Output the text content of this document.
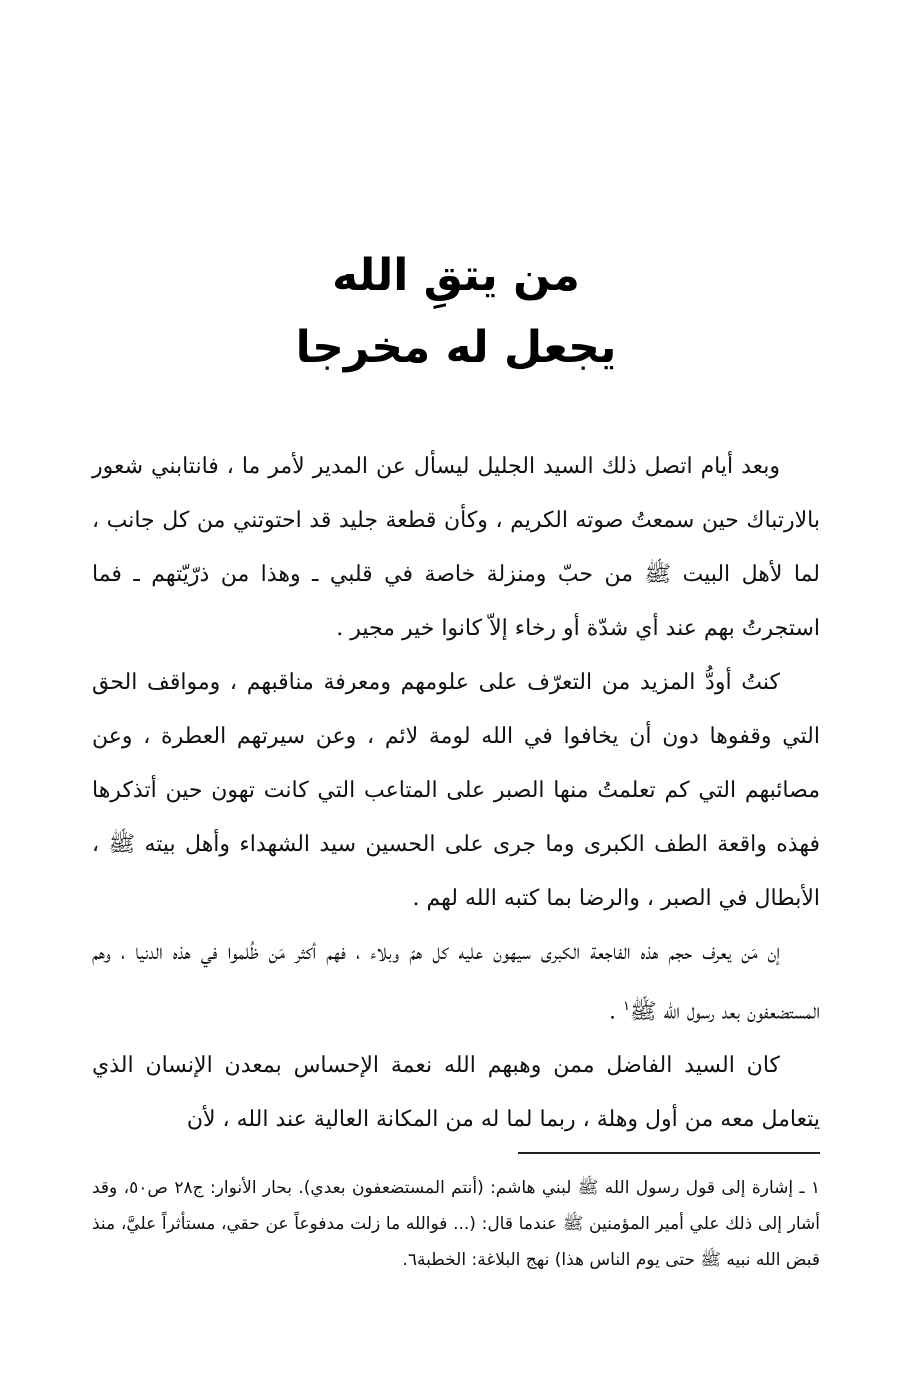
من يتقِ الله
يجعل له مخرجا

وبعد أيام اتصل ذلك السيد الجليل ليسأل عن المدير لأمر ما ، فانتابني شعور بالارتباك حين سمعتُ صوته الكريم ، وكأن قطعة جليد قد احتوتني من كل جانب ، لما لأهل البيت ﷺ من حبّ ومنزلة خاصة في قلبي ـ وهذا من ذرّيّتهم ـ فما استجرتُ بهم عند أي شدّة أو رخاء إلاّ كانوا خير مجير .

كنتُ أودُّ المزيد من التعرّف على علومهم ومعرفة مناقبهم ، ومواقف الحق التي وقفوها دون أن يخافوا في الله لومة لائم ، وعن سيرتهم العطرة ، وعن مصائبهم التي كم تعلمتُ منها الصبر على المتاعب التي كانت تهون حين أتذكرها فهذه واقعة الطف الكبرى وما جرى على الحسين سيد الشهداء وأهل بيته ﷺ ، الأبطال في الصبر ، والرضا بما كتبه الله لهم .

إن مَن يعرف حجم هذه الفاجعة الكبرى سيهون عليه كل همّ وبلاء ، فهم أكثر مَن ظُلموا في هذه الدنيا ، وهم المستضعفون بعد رسول الله ﷺ$^١$ .

كان السيد الفاضل ممن وهبهم الله نعمة الإحساس بمعدن الإنسان الذي يتعامل معه من أول وهلة ، ربما لما له من المكانة العالية عند الله ، لأن

١ ـ إشارة إلى قول رسول الله ﷺ لبني هاشم: (أنتم المستضعفون بعدي). بحار الأنوار: ج٢٨ ص٥٠، وقد أشار إلى ذلك علي أمير المؤمنين ﷺ عندما قال: (... فوالله ما زلت مدفوعاً عن حقي، مستأثراً عليَّ، منذ قبض الله نبيه ﷺ حتى يوم الناس هذا) نهج البلاغة: الخطبة٦.
